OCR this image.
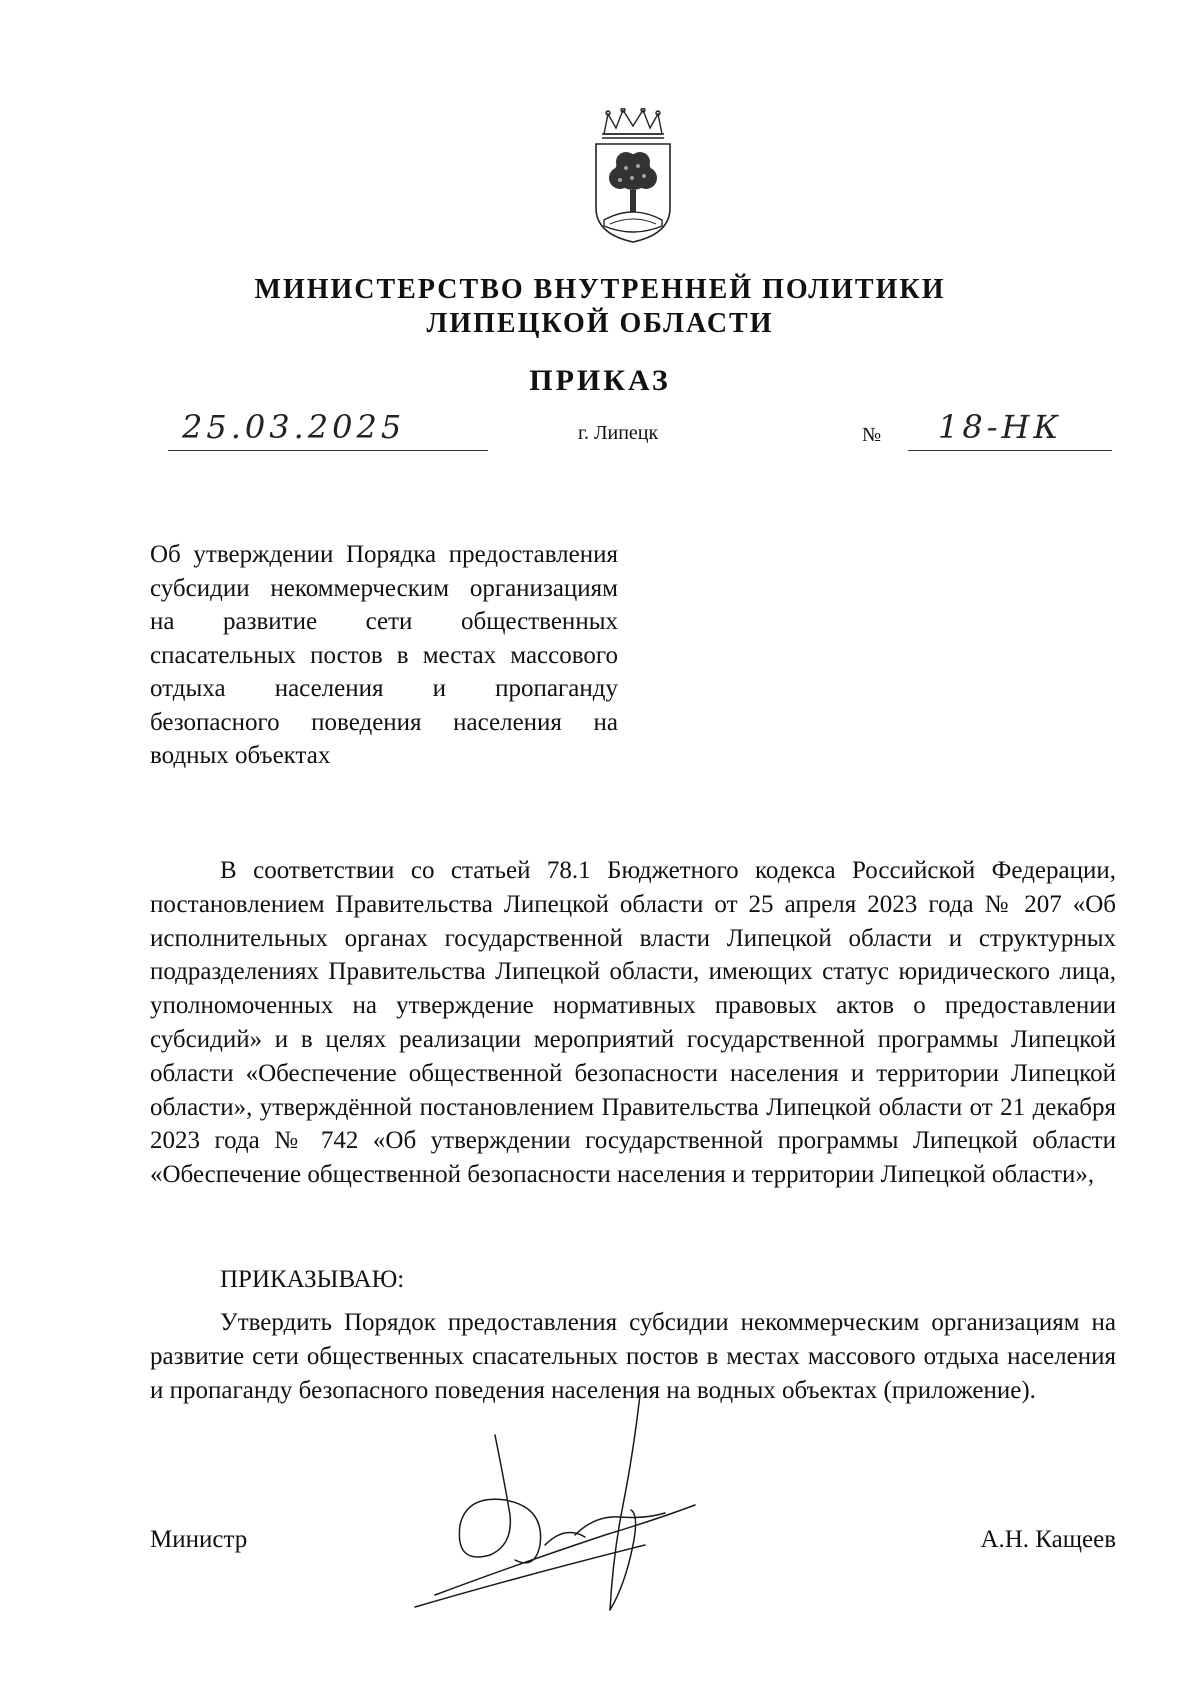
МИНИСТЕРСТВО ВНУТРЕННЕЙ ПОЛИТИКИ
ЛИПЕЦКОЙ ОБЛАСТИ
ПРИКАЗ
25.03.2025	г. Липецк	№ 18-НК
Об утверждении Порядка предоставления субсидии некоммерческим организациям на развитие сети общественных спасательных постов в местах массового отдыха населения и пропаганду безопасного поведения населения на водных объектах
В соответствии со статьей 78.1 Бюджетного кодекса Российской Федерации, постановлением Правительства Липецкой области от 25 апреля 2023 года № 207 «Об исполнительных органах государственной власти Липецкой области и структурных подразделениях Правительства Липецкой области, имеющих статус юридического лица, уполномоченных на утверждение нормативных правовых актов о предоставлении субсидий» и в целях реализации мероприятий государственной программы Липецкой области «Обеспечение общественной безопасности населения и территории Липецкой области», утверждённой постановлением Правительства Липецкой области от 21 декабря 2023 года № 742 «Об утверждении государственной программы Липецкой области «Обеспечение общественной безопасности населения и территории Липецкой области»,
ПРИКАЗЫВАЮ:
Утвердить Порядок предоставления субсидии некоммерческим организациям на развитие сети общественных спасательных постов в местах массового отдыха населения и пропаганду безопасного поведения населения на водных объектах (приложение).
Министр	А.Н. Кащеев
